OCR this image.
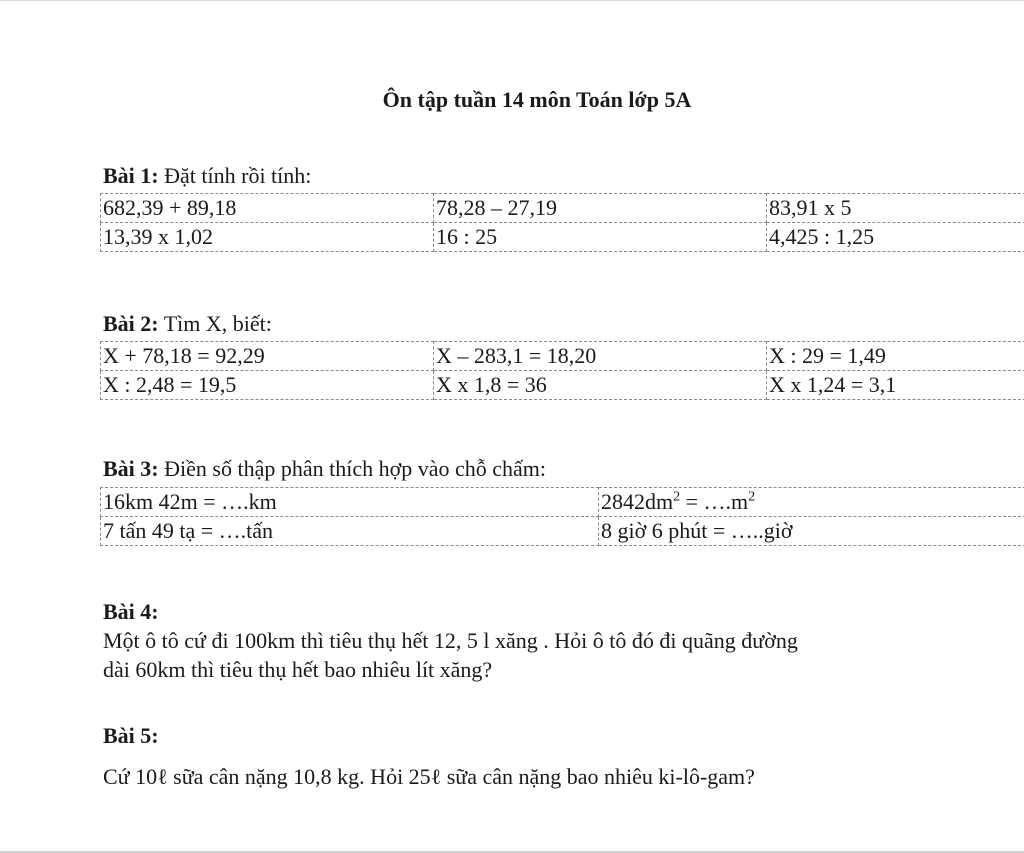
Ôn tập tuần 14 môn Toán lớp 5A
Bài 1: Đặt tính rồi tính:
682,39 + 89,18	78,28 – 27,19	83,91 x 5
13,39 x 1,02	16 : 25	4,425 : 1,25
Bài 2: Tìm X, biết:
X + 78,18 = 92,29	X – 283,1 = 18,20	X : 29 = 1,49
X : 2,48 = 19,5	X x 1,8 = 36	X x 1,24 = 3,1
Bài 3: Điền số thập phân thích hợp vào chỗ chấm:
16km 42m = ….km	$2842dm^2$ = $\dots.m^2$
7 tấn 49 tạ = ….tấn	8 giờ 6 phút = …..giờ
Bài 4:
Một ô tô cứ đi 100km thì tiêu thụ hết 12, 5 l xăng . Hỏi ô tô đó đi quãng đường
dài 60km thì tiêu thụ hết bao nhiêu lít xăng?
Bài 5:
Cứ 10ℓ sữa cân nặng 10,8 kg. Hỏi 25ℓ sữa cân nặng bao nhiêu ki-lô-gam?
